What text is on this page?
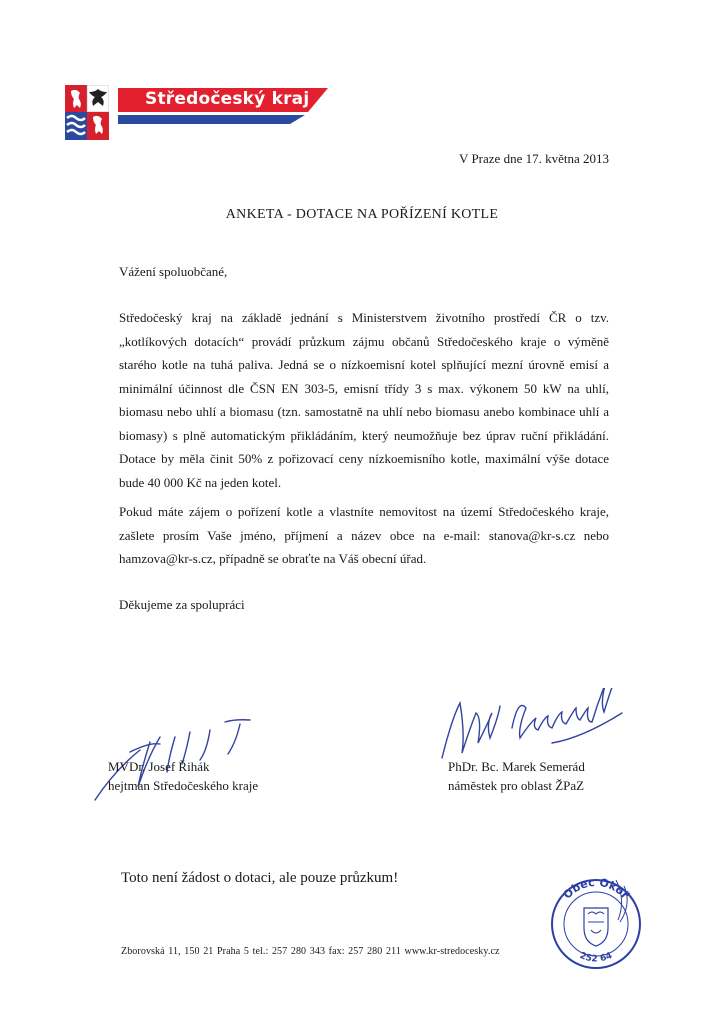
Středočeský kraj
V Praze dne 17. května 2013
ANKETA - DOTACE NA POŘÍZENÍ KOTLE
Vážení spoluobčané,

Středočeský kraj na základě jednání s Ministerstvem životního prostředí ČR o tzv. „kotlíkových dotacích“ provádí průzkum zájmu občanů Středočeského kraje o výměně starého kotle na tuhá paliva. Jedná se o nízkoemisní kotel splňující mezní úrovně emisí a minimální účinnost dle ČSN EN 303-5, emisní třídy 3 s max. výkonem 50 kW na uhlí, biomasu nebo uhlí a biomasu (tzn. samostatně na uhlí nebo biomasu anebo kombinace uhlí a biomasy) s plně automatickým přikládáním, který neumožňuje bez úprav ruční přikládání. Dotace by měla činit 50% z pořizovací ceny nízkoemisního kotle, maximální výše dotace bude 40 000 Kč na jeden kotel.

Pokud máte zájem o pořízení kotle a vlastníte nemovitost na území Středočeského kraje, zašlete prosím Vaše jméno, příjmení a název obce na e-mail: stanova@kr-s.cz nebo hamzova@kr-s.cz, případně se obraťte na Váš obecní úřad.

Děkujeme za spolupráci
MVDr. Josef Řihák
hejtman Středočeského kraje
PhDr. Bc. Marek Semerád
náměstek pro oblast ŽPaZ
Toto není žádost o dotaci, ale pouze průzkum!
Obec Okoř
252 64
Zborovská 11, 150 21 Praha 5 tel.: 257 280 343 fax: 257 280 211 www.kr-stredocesky.cz
